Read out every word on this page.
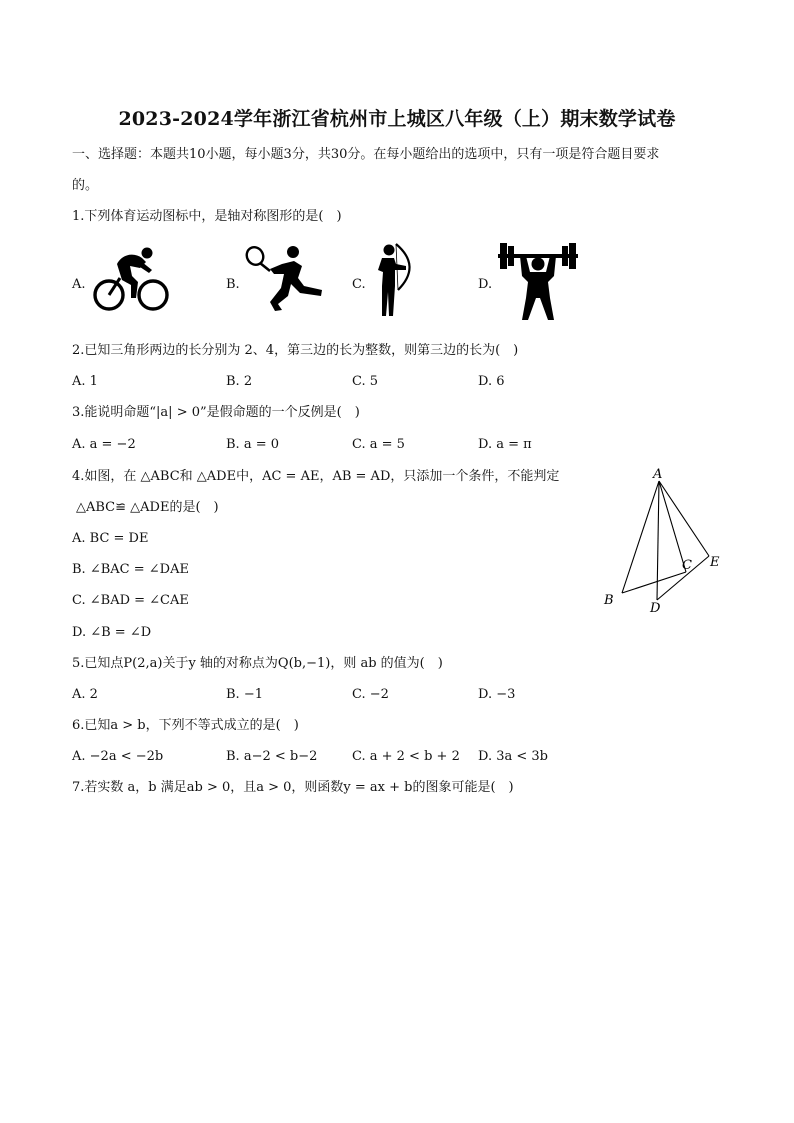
2023-2024学年浙江省杭州市上城区八年级（上）期末数学试卷
一、选择题：本题共10小题，每小题3分，共30分。在每小题给出的选项中，只有一项是符合题目要求
的。
1.下列体育运动图标中，是轴对称图形的是(　)
A.	B.	C.	D.
2.已知三角形两边的长分别为 2、4，第三边的长为整数，则第三边的长为(　)
A. 1	B. 2	C. 5	D. 6
3.能说明命题“|a| > 0”是假命题的一个反例是(　)
A. a = −2	B. a = 0	C. a = 5	D. a = π
4.如图，在 △ABC和 △ADE中，AC = AE，AB = AD，只添加一个条件，不能判定
△ABC≌ △ADE的是(　)
A. BC = DE
B. ∠BAC = ∠DAE
C. ∠BAD = ∠CAE
D. ∠B = ∠D
A
B
C
D
E
5.已知点P(2,a)关于y 轴的对称点为Q(b,−1)，则 ab 的值为(　)
A. 2	B. −1	C. −2	D. −3
6.已知a > b，下列不等式成立的是(　)
A. −2a < −2b	B. a−2 < b−2	C. a + 2 < b + 2 D. 3a < 3b
7.若实数 a，b 满足ab > 0，且a > 0，则函数y = ax + b的图象可能是(　)
